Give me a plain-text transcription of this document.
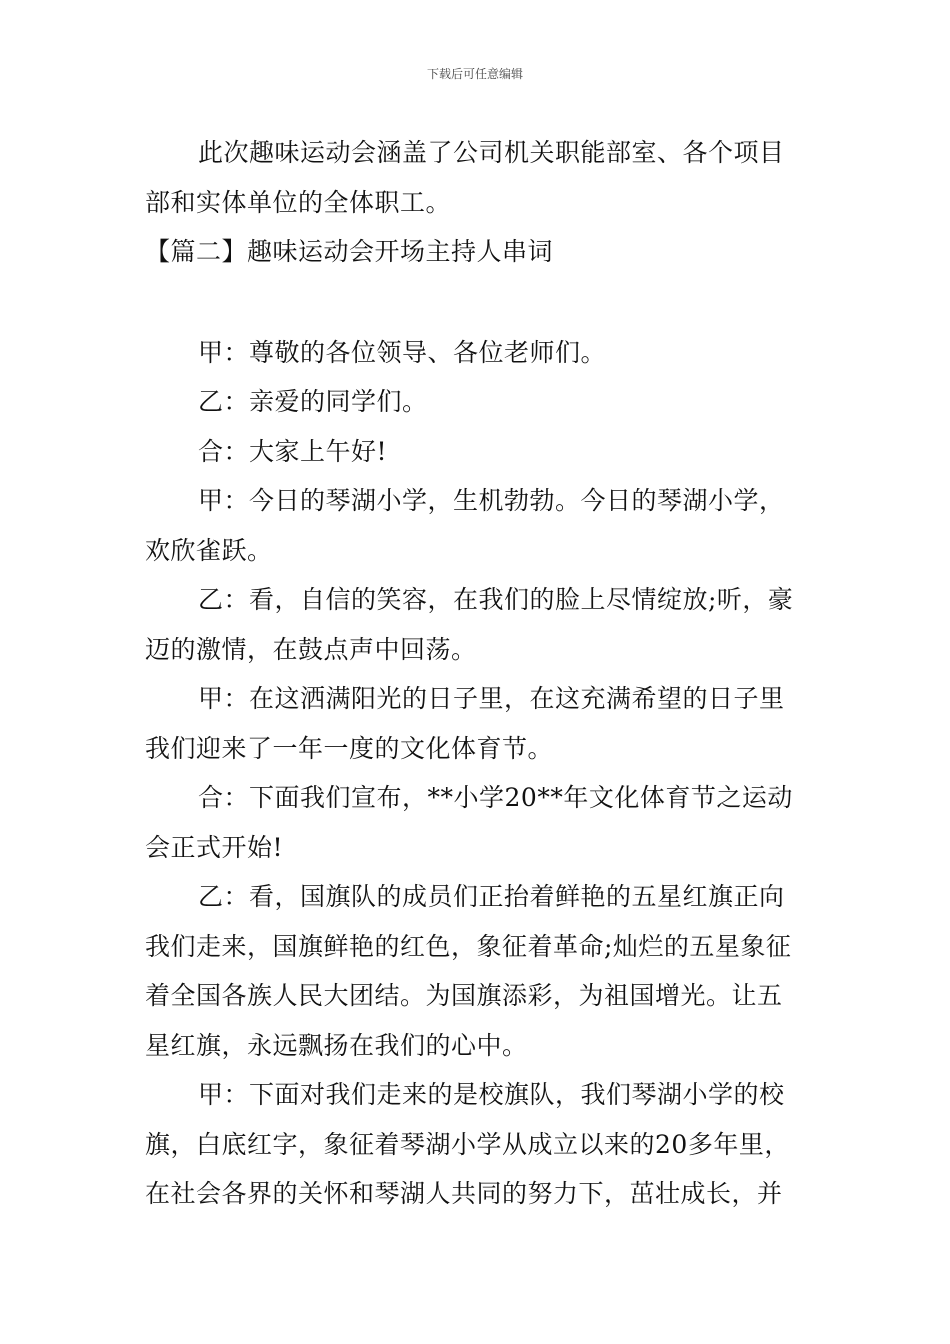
下载后可任意编辑
此次趣味运动会涵盖了公司机关职能部室、各个项目
部和实体单位的全体职工。
【篇二】趣味运动会开场主持人串词
甲：尊敬的各位领导、各位老师们。
乙：亲爱的同学们。
合：大家上午好!
甲：今日的琴湖小学，生机勃勃。今日的琴湖小学，
欢欣雀跃。
乙：看，自信的笑容，在我们的脸上尽情绽放;听，豪
迈的激情，在鼓点声中回荡。
甲：在这洒满阳光的日子里，在这充满希望的日子里
我们迎来了一年一度的文化体育节。
合：下面我们宣布，**小学20**年文化体育节之运动
会正式开始!
乙：看，国旗队的成员们正抬着鲜艳的五星红旗正向
我们走来，国旗鲜艳的红色，象征着革命;灿烂的五星象征
着全国各族人民大团结。为国旗添彩，为祖国增光。让五
星红旗，永远飘扬在我们的心中。
甲：下面对我们走来的是校旗队，我们琴湖小学的校
旗，白底红字，象征着琴湖小学从成立以来的20多年里，
在社会各界的关怀和琴湖人共同的努力下，茁壮成长，并
